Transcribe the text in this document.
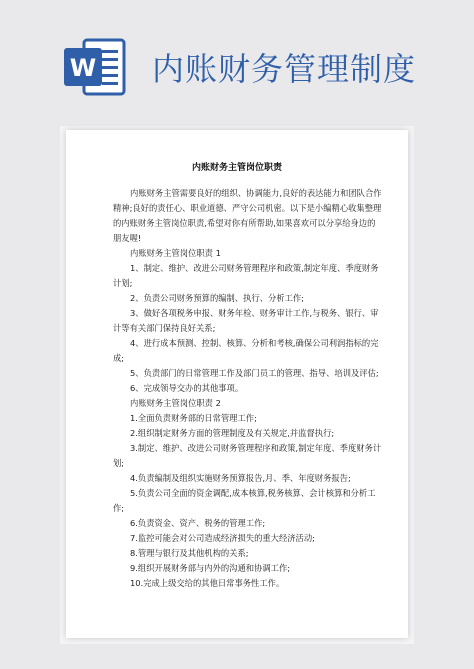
W 内账财务管理制度
内账财务主管岗位职责

内账财务主管需要良好的组织、协调能力,良好的表达能力和团队合作精神;良好的责任心、职业道德、严守公司机密。以下是小编精心收集整理的内账财务主管岗位职责,希望对你有所帮助,如果喜欢可以分享给身边的朋友喔!

内账财务主管岗位职责 1

1、制定、维护、改进公司财务管理程序和政策,制定年度、季度财务计划;

2、负责公司财务预算的编制、执行、分析工作;

3、做好各项税务申报、财务年检、财务审计工作,与税务、银行、审计等有关部门保持良好关系;

4、进行成本预测、控制、核算、分析和考核,确保公司利润指标的完成;

5、负责部门的日常管理工作及部门员工的管理、指导、培训及评估;

6、完成领导交办的其他事项。

内账财务主管岗位职责 2

1.全面负责财务部的日常管理工作;

2.组织制定财务方面的管理制度及有关规定,并监督执行;

3.制定、维护、改进公司财务管理程序和政策,制定年度、季度财务计划;

4.负责编制及组织实施财务预算报告,月、季、年度财务报告;

5.负责公司全面的资金调配,成本核算,税务核算、会计核算和分析工作;

6.负责资金、资产、税务的管理工作;

7.监控可能会对公司造成经济损失的重大经济活动;

8.管理与银行及其他机构的关系;

9.组织开展财务部与内外的沟通和协调工作;

10.完成上级交给的其他日常事务性工作。
